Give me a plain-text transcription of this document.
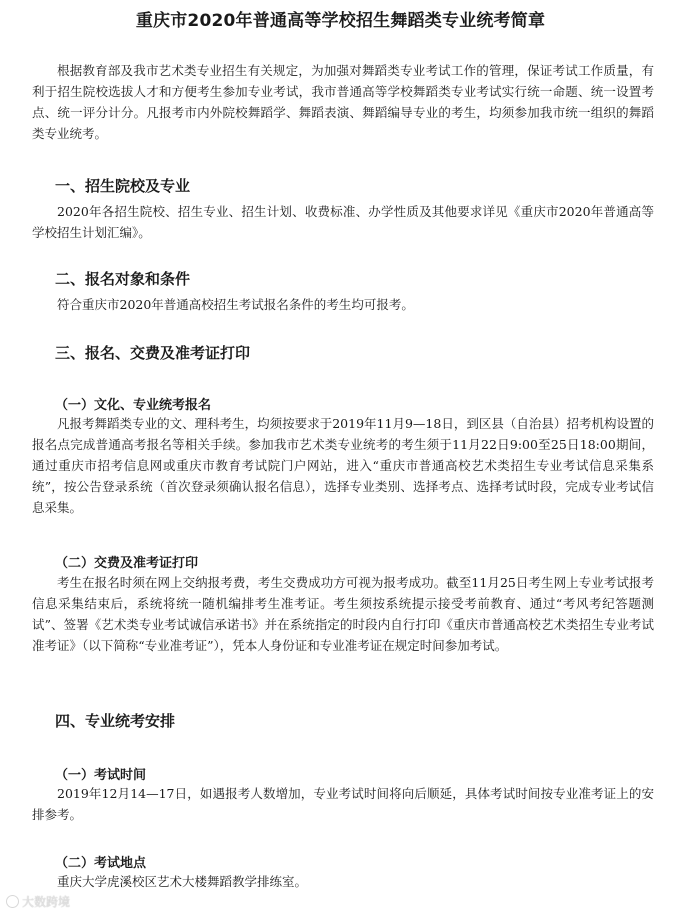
重庆市2020年普通高等学校招生舞蹈类专业统考简章

根据教育部及我市艺术类专业招生有关规定，为加强对舞蹈类专业考试工作的管理，保证考试工作质量，有利于招生院校选拔人才和方便考生参加专业考试，我市普通高等学校舞蹈类专业考试实行统一命题、统一设置考点、统一评分计分。凡报考市内外院校舞蹈学、舞蹈表演、舞蹈编导专业的考生，均须参加我市统一组织的舞蹈类专业统考。

一、招生院校及专业

2020年各招生院校、招生专业、招生计划、收费标准、办学性质及其他要求详见《重庆市2020年普通高等学校招生计划汇编》。

二、报名对象和条件

符合重庆市2020年普通高校招生考试报名条件的考生均可报考。

三、报名、交费及准考证打印

（一）文化、专业统考报名

凡报考舞蹈类专业的文、理科考生，均须按要求于2019年11月9—18日，到区县（自治县）招考机构设置的报名点完成普通高考报名等相关手续。参加我市艺术类专业统考的考生须于11月22日9:00至25日18:00期间，通过重庆市招考信息网或重庆市教育考试院门户网站，进入“重庆市普通高校艺术类招生专业考试信息采集系统”，按公告登录系统（首次登录须确认报名信息），选择专业类别、选择考点、选择考试时段，完成专业考试信息采集。

（二）交费及准考证打印

考生在报名时须在网上交纳报考费，考生交费成功方可视为报考成功。截至11月25日考生网上专业考试报考信息采集结束后，系统将统一随机编排考生准考证。考生须按系统提示接受考前教育、通过“考风考纪答题测试”、签署《艺术类专业考试诚信承诺书》并在系统指定的时段内自行打印《重庆市普通高校艺术类招生专业考试准考证》（以下简称“专业准考证”），凭本人身份证和专业准考证在规定时间参加考试。

四、专业统考安排

（一）考试时间

2019年12月14—17日，如遇报考人数增加，专业考试时间将向后顺延，具体考试时间按专业准考证上的安排参考。

（二）考试地点

重庆大学虎溪校区艺术大楼舞蹈教学排练室。

大数跨境
